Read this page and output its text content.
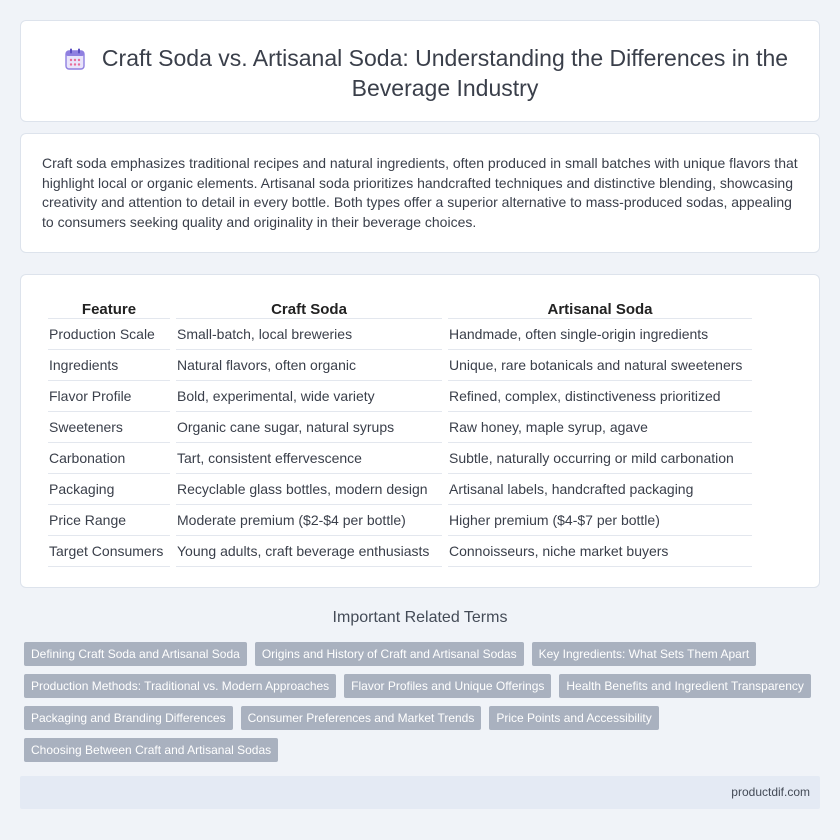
Craft Soda vs. Artisanal Soda: Understanding the Differences in the Beverage Industry

Craft soda emphasizes traditional recipes and natural ingredients, often produced in small batches with unique flavors that highlight local or organic elements. Artisanal soda prioritizes handcrafted techniques and distinctive blending, showcasing creativity and attention to detail in every bottle. Both types offer a superior alternative to mass-produced sodas, appealing to consumers seeking quality and originality in their beverage choices.

Feature	Craft Soda	Artisanal Soda
Production Scale	Small-batch, local breweries	Handmade, often single-origin ingredients
Ingredients	Natural flavors, often organic	Unique, rare botanicals and natural sweeteners
Flavor Profile	Bold, experimental, wide variety	Refined, complex, distinctiveness prioritized
Sweeteners	Organic cane sugar, natural syrups	Raw honey, maple syrup, agave
Carbonation	Tart, consistent effervescence	Subtle, naturally occurring or mild carbonation
Packaging	Recyclable glass bottles, modern design	Artisanal labels, handcrafted packaging
Price Range	Moderate premium ($2-$4 per bottle)	Higher premium ($4-$7 per bottle)
Target Consumers	Young adults, craft beverage enthusiasts	Connoisseurs, niche market buyers
Important Related Terms
Defining Craft Soda and Artisanal Soda	Origins and History of Craft and Artisanal Sodas	Key Ingredients: What Sets Them Apart
Production Methods: Traditional vs. Modern Approaches	Flavor Profiles and Unique Offerings	Health Benefits and Ingredient Transparency
Packaging and Branding Differences	Consumer Preferences and Market Trends	Price Points and Accessibility
Choosing Between Craft and Artisanal Sodas
productdif.com
